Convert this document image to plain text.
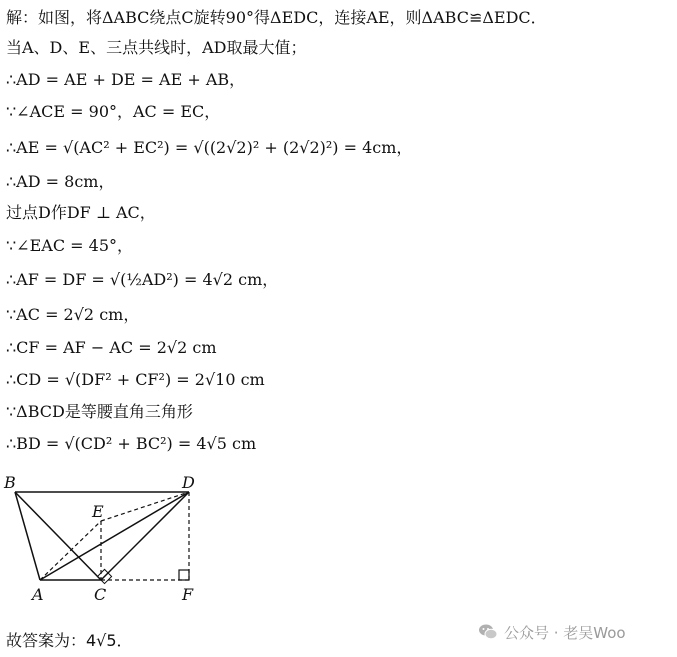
解：如图，将ΔABC绕点C旋转90°得ΔEDC，连接AE，则ΔABC≌ΔEDC．
当A、D、E、三点共线时，AD取最大值；
∴AD = AE + DE = AE + AB，
∵∠ACE = 90°，AC = EC，
∴AE = √(AC² + EC²) = √((2√2)² + (2√2)²) = 4cm，
∴AD = 8cm，
过点D作DF ⊥ AC，
∵∠EAC = 45°，
∴AF = DF = √(½AD²) = 4√2 cm，
∵AC = 2√2 cm，
∴CF = AF − AC = 2√2 cm
∴CD = √(DF² + CF²) = 2√10 cm
∵ΔBCD是等腰直角三角形
∴BD = √(CD² + BC²) = 4√5 cm
B	D
E
A	C	F
故答案为：4√5．	公众号 · 老吴Woo
